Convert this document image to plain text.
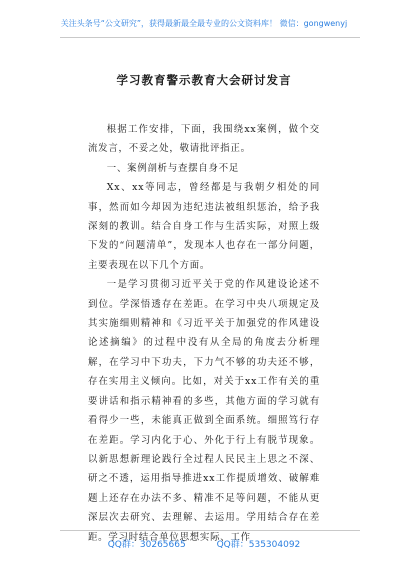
关注头条号“公文研究”，获得最新最全最专业的公文资料库！ 微信：gongwenyj
学习教育警示教育大会研讨发言

根据工作安排，下面，我围绕xx案例，做个交流发言，不妥之处，敬请批评指正。

一、案例剖析与查摆自身不足

Xx、xx等同志，曾经都是与我朝夕相处的同事，然而如今却因为违纪违法被组织惩治，给予我深刻的教训。结合自身工作与生活实际，对照上级下发的“问题清单”，发现本人也存在一部分问题，主要表现在以下几个方面。

一是学习贯彻习近平关于党的作风建设论述不到位。学深悟透存在差距。在学习中央八项规定及其实施细则精神和《习近平关于加强党的作风建设论述摘编》的过程中没有从全局的角度去分析理解，在学习中下功夫，下力气不够的功夫还不够，存在实用主义倾向。比如，对关于xx工作有关的重要讲话和指示精神看的多些，其他方面的学习就有看得少一些，未能真正做到全面系统。细照笃行存在差距。学习内化于心、外化于行上有脱节现象。以新思想新理论践行全过程人民民主上思之不深、研之不透，运用指导推进xx工作提质增效、破解难题上还存在办法不多、精准不足等问题，不能从更深层次去研究、去理解、去运用。学用结合存在差距。学习时结合单位思想实际、工作

QQ群：30265665	QQ群：535304092
